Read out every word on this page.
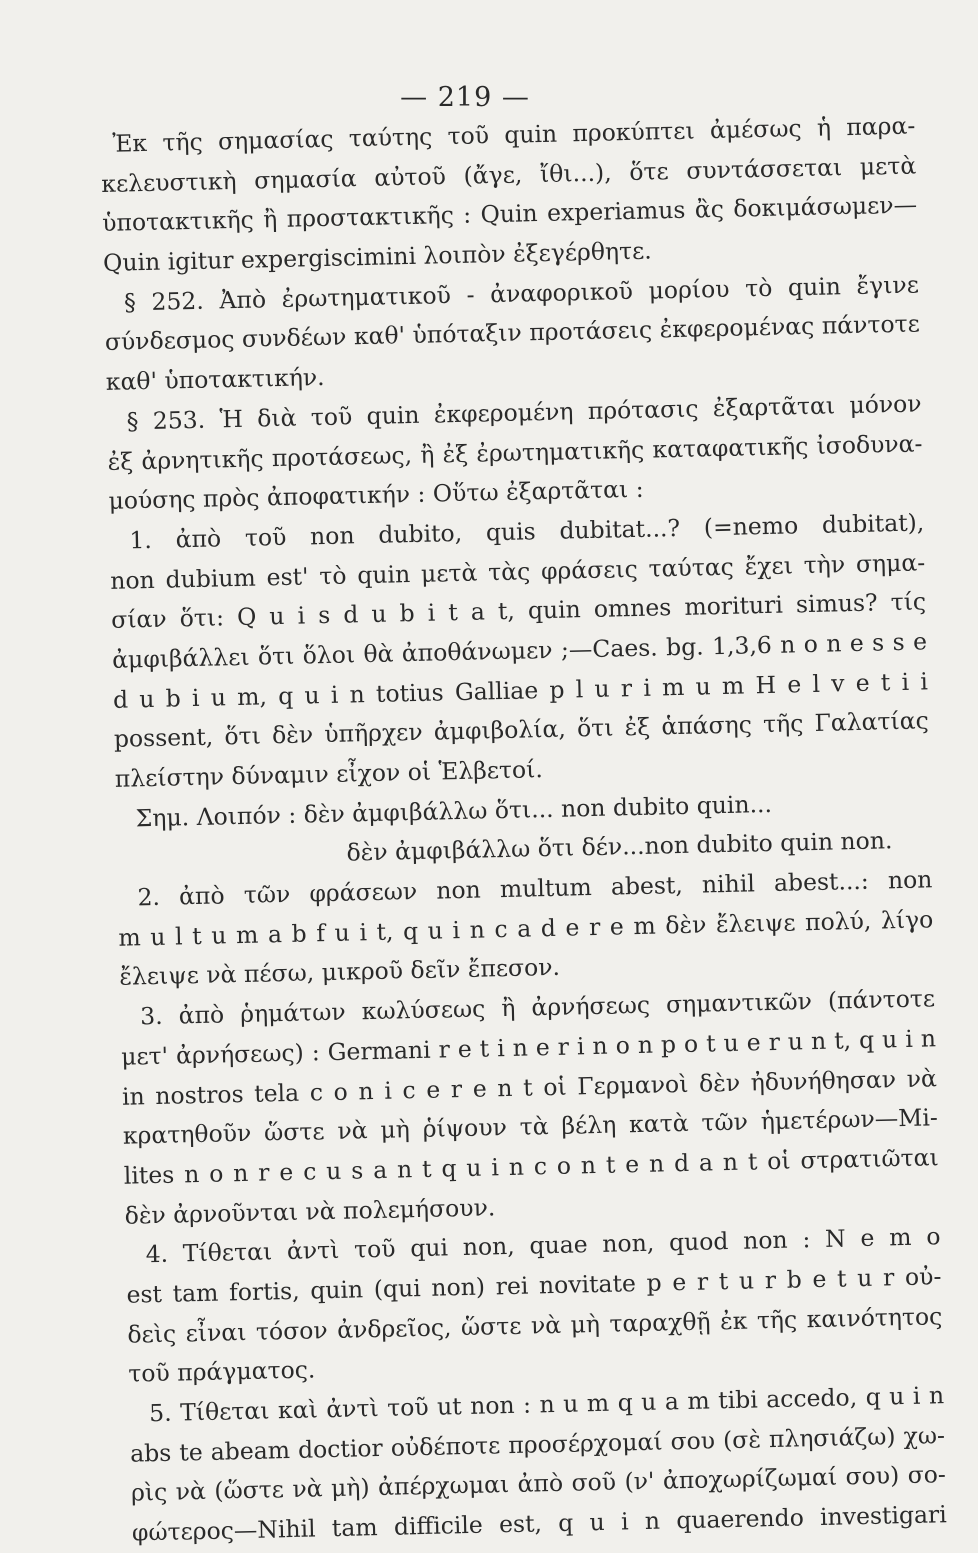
— 219 —
Ἐκ τῆς σημασίας ταύτης τοῦ quin προκύπτει ἀμέσως ἡ παρα-
κελευστικὴ σημασία αὐτοῦ (ἄγε, ἴθι...), ὅτε συντάσσεται μετὰ
ὑποτακτικῆς ἢ προστακτικῆς : Quin experiamus ἂς δοκιμάσωμεν—
Quin igitur expergiscimini λοιπὸν ἐξεγέρθητε.
§ 252. Ἀπὸ ἐρωτηματικοῦ - ἀναφορικοῦ μορίου τὸ quin ἔγινε
σύνδεσμος συνδέων καθ' ὑπόταξιν προτάσεις ἐκφερομένας πάντοτε
καθ' ὑποτακτικήν.
§ 253. Ἡ διὰ τοῦ quin ἐκφερομένη πρότασις ἐξαρτᾶται μόνον
ἐξ ἀρνητικῆς προτάσεως, ἢ ἐξ ἐρωτηματικῆς καταφατικῆς ἰσοδυνα-
μούσης πρὸς ἀποφατικήν : Οὕτω ἐξαρτᾶται :
1. ἀπὸ τοῦ non dubito, quis dubitat...? (=nemo dubitat),
non dubium est' τὸ quin μετὰ τὰς φράσεις ταύτας ἔχει τὴν σημα-
σίαν ὅτι: Q u i s d u b i t a t, quin omnes morituri simus? τίς
ἀμφιβάλλει ὅτι ὅλοι θὰ ἀποθάνωμεν ;—Caes. bg. 1,3,6 n o n e s s e
d u b i u m, q u i n totius Galliae p l u r i m u m H e l v e t i i
possent, ὅτι δὲν ὑπῆρχεν ἀμφιβολία, ὅτι ἐξ ἁπάσης τῆς Γαλατίας
πλείστην δύναμιν εἶχον οἱ Ἑλβετοί.
Σημ. Λοιπόν : δὲν ἀμφιβάλλω ὅτι... non dubito quin...
δὲν ἀμφιβάλλω ὅτι δέν...non dubito quin non.
2. ἀπὸ τῶν φράσεων non multum abest, nihil abest...: non
m u l t u m a b f u i t, q u i n c a d e r e m δὲν ἔλειψε πολύ, λίγο
ἔλειψε νὰ πέσω, μικροῦ δεῖν ἔπεσον.
3. ἀπὸ ῥημάτων κωλύσεως ἢ ἀρνήσεως σημαντικῶν (πάντοτε
μετ' ἀρνήσεως) : Germani r e t i n e r i n o n p o t u e r u n t, q u i n
in nostros tela c o n i c e r e n t οἱ Γερμανοὶ δὲν ἠδυνήθησαν νὰ
κρατηθοῦν ὥστε νὰ μὴ ῥίψουν τὰ βέλη κατὰ τῶν ἡμετέρων—Mi-
lites n o n r e c u s a n t q u i n c o n t e n d a n t οἱ στρατιῶται
δὲν ἀρνοῦνται νὰ πολεμήσουν.
4. Τίθεται ἀντὶ τοῦ qui non, quae non, quod non : N e m o
est tam fortis, quin (qui non) rei novitate p e r t u r b e t u r οὐ-
δεὶς εἶναι τόσον ἀνδρεῖος, ὥστε νὰ μὴ ταραχθῇ ἐκ τῆς καινότητος
τοῦ πράγματος.
5. Τίθεται καὶ ἀντὶ τοῦ ut non : n u m q u a m tibi accedo, q u i n
abs te abeam doctior οὐδέποτε προσέρχομαί σου (σὲ πλησιάζω) χω-
ρὶς νὰ (ὥστε νὰ μὴ) ἀπέρχωμαι ἀπὸ σοῦ (ν' ἀποχωρίζωμαί σου) σο-
φώτερος—Nihil tam difficile est, q u i n quaerendo investigari
